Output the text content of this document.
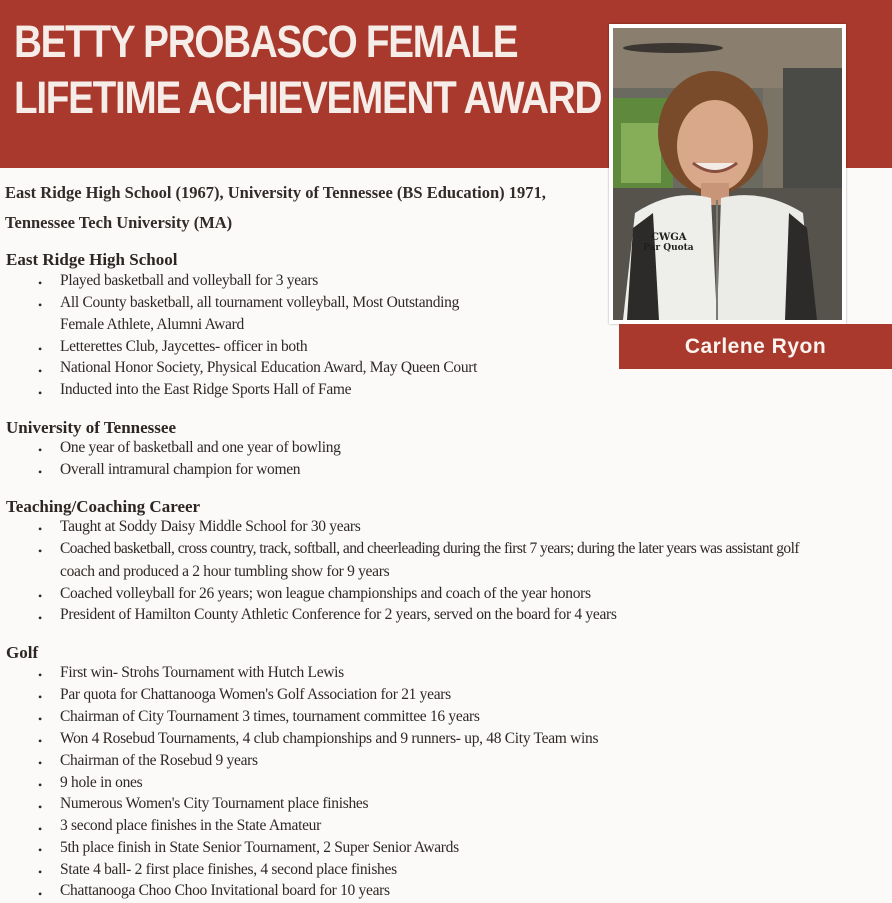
BETTY PROBASCO FEMALE
LIFETIME ACHIEVEMENT AWARD
CWGA
Par Quota
Carlene Ryon
East Ridge High School (1967), University of Tennessee (BS Education) 1971,
Tennessee Tech University (MA)
East Ridge High School
• Played basketball and volleyball for 3 years
• All County basketball, all tournament volleyball, Most Outstanding
Female Athlete, Alumni Award
• Letterettes Club, Jaycettes- officer in both
• National Honor Society, Physical Education Award, May Queen Court
• Inducted into the East Ridge Sports Hall of Fame
University of Tennessee
• One year of basketball and one year of bowling
• Overall intramural champion for women
Teaching/Coaching Career
• Taught at Soddy Daisy Middle School for 30 years
• Coached basketball, cross country, track, softball, and cheerleading during the first 7 years; during the later years was assistant golf
coach and produced a 2 hour tumbling show for 9 years
• Coached volleyball for 26 years; won league championships and coach of the year honors
• President of Hamilton County Athletic Conference for 2 years, served on the board for 4 years
Golf
• First win- Strohs Tournament with Hutch Lewis
• Par quota for Chattanooga Women's Golf Association for 21 years
• Chairman of City Tournament 3 times, tournament committee 16 years
• Won 4 Rosebud Tournaments, 4 club championships and 9 runners- up, 48 City Team wins
• Chairman of the Rosebud 9 years
• 9 hole in ones
• Numerous Women's City Tournament place finishes
• 3 second place finishes in the State Amateur
• 5th place finish in State Senior Tournament, 2 Super Senior Awards
• State 4 ball- 2 first place finishes, 4 second place finishes
• Chattanooga Choo Choo Invitational board for 10 years
